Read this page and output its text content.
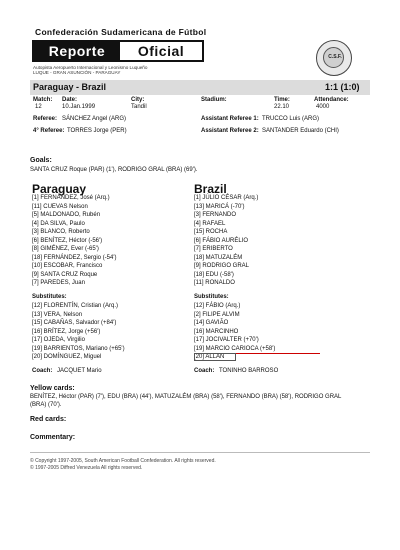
Confederación Sudamericana de Fútbol
Reporte	Oficial
Autopista Aeropuerto Internacional y Leonismo Luqueño
LUQUE - GRAN ASUNCIÓN - PARAGUAY
C.S.F.
Paraguay - Brazil	1:1 (1:0)
Match:
12
Date:
10.Jan.1999
City:
Tandil
Stadium:	Time:
22.10
Attendance:
4000
Referee: SÁNCHEZ Angel (ARG)	Assistant Referee 1: TRUCCO Luis (ARG)
4° Referee: TORRES Jorge (PER)	Assistant Referee 2: SANTANDER Eduardo (CHI)
Goals:
SANTA CRUZ Roque (PAR) (1'), RODRIGO GRAL (BRA) (69').
Paraguay	Brazil
[1] FERNÁNDEZ, José (Arq.)
[11] CUEVAS Nelson
[5] MALDONADO, Rubén
[4] DA SILVA, Paulo
[3] BLANCO, Roberto
[6] BENÍTEZ, Héctor (-56')
[8] GIMÉNEZ, Ever (-65')
[18] FERNÁNDEZ, Sergio (-54')
[10] ESCOBAR, Francisco
[9] SANTA CRUZ Roque
[7] PAREDES, Juan
[1] JÚLIO CÉSAR (Arq.)
[13] MARICÁ (-70')
[3] FERNANDO
[4] RAFAEL
[15] ROCHA
[6] FÁBIO AURÉLIO
[7] ERIBERTO
[18] MATUZALÉM
[9] RODRIGO GRAL
[18] EDU (-58')
[11] RONALDO
Substitutes:	Substitutes:
[12] FLORENTÍN, Cristian (Arq.)
[13] VERA, Nelson
[15] CABAÑAS, Salvador (+84')
[16] BRÍTEZ, Jorge (+56')
[17] OJEDA, Virgilio
[19] BARRIENTOS, Mariano (+65')
[20] DOMÍNGUEZ, Miguel
[12] FÁBIO (Arq.)
[2] FILIPE ALVIM
[14] GAVIÃO
[16] MARCINHO
[17] JOCIVALTER (+70')
[19] MARCIO CARIOCA (+58')
[20] ALLAN
Coach: JACQUET Mario	Coach: TONINHO BARROSO
Yellow cards:
BENÍTEZ, Héctor (PAR) (7'), EDU (BRA) (44'), MATUZALÉM (BRA) (58'), FERNANDO (BRA) (58'), RODRIGO GRAL
(BRA) (70').
Red cards:
Commentary:
© Copyright 1997-2005, South American Football Confederation. All rights reserved.
© 1997-2005 Diffred Venezuela All rights reserved.
